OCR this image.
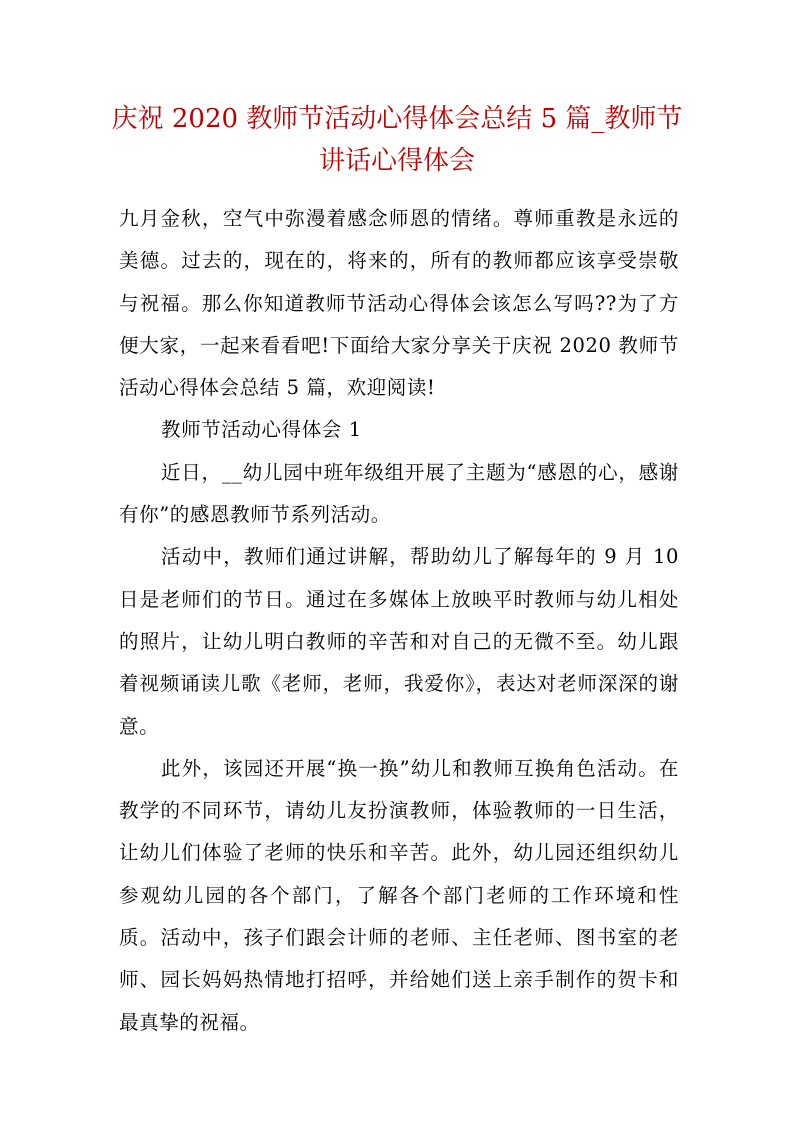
庆祝 2020 教师节活动心得体会总结 5 篇_教师节讲话心得体会

九月金秋，空气中弥漫着感念师恩的情绪。尊师重教是永远的美德。过去的，现在的，将来的，所有的教师都应该享受崇敬与祝福。那么你知道教师节活动心得体会该怎么写吗??为了方便大家，一起来看看吧!下面给大家分享关于庆祝 2020 教师节活动心得体会总结 5 篇，欢迎阅读!

教师节活动心得体会 1

近日，__幼儿园中班年级组开展了主题为“感恩的心，感谢有你”的感恩教师节系列活动。

活动中，教师们通过讲解，帮助幼儿了解每年的 9 月 10 日是老师们的节日。通过在多媒体上放映平时教师与幼儿相处的照片，让幼儿明白教师的辛苦和对自己的无微不至。幼儿跟着视频诵读儿歌《老师，老师，我爱你》，表达对老师深深的谢意。

此外，该园还开展“换一换”幼儿和教师互换角色活动。在教学的不同环节，请幼儿友扮演教师，体验教师的一日生活，让幼儿们体验了老师的快乐和辛苦。此外，幼儿园还组织幼儿参观幼儿园的各个部门，了解各个部门老师的工作环境和性质。活动中，孩子们跟会计师的老师、主任老师、图书室的老师、园长妈妈热情地打招呼，并给她们送上亲手制作的贺卡和最真挚的祝福。
